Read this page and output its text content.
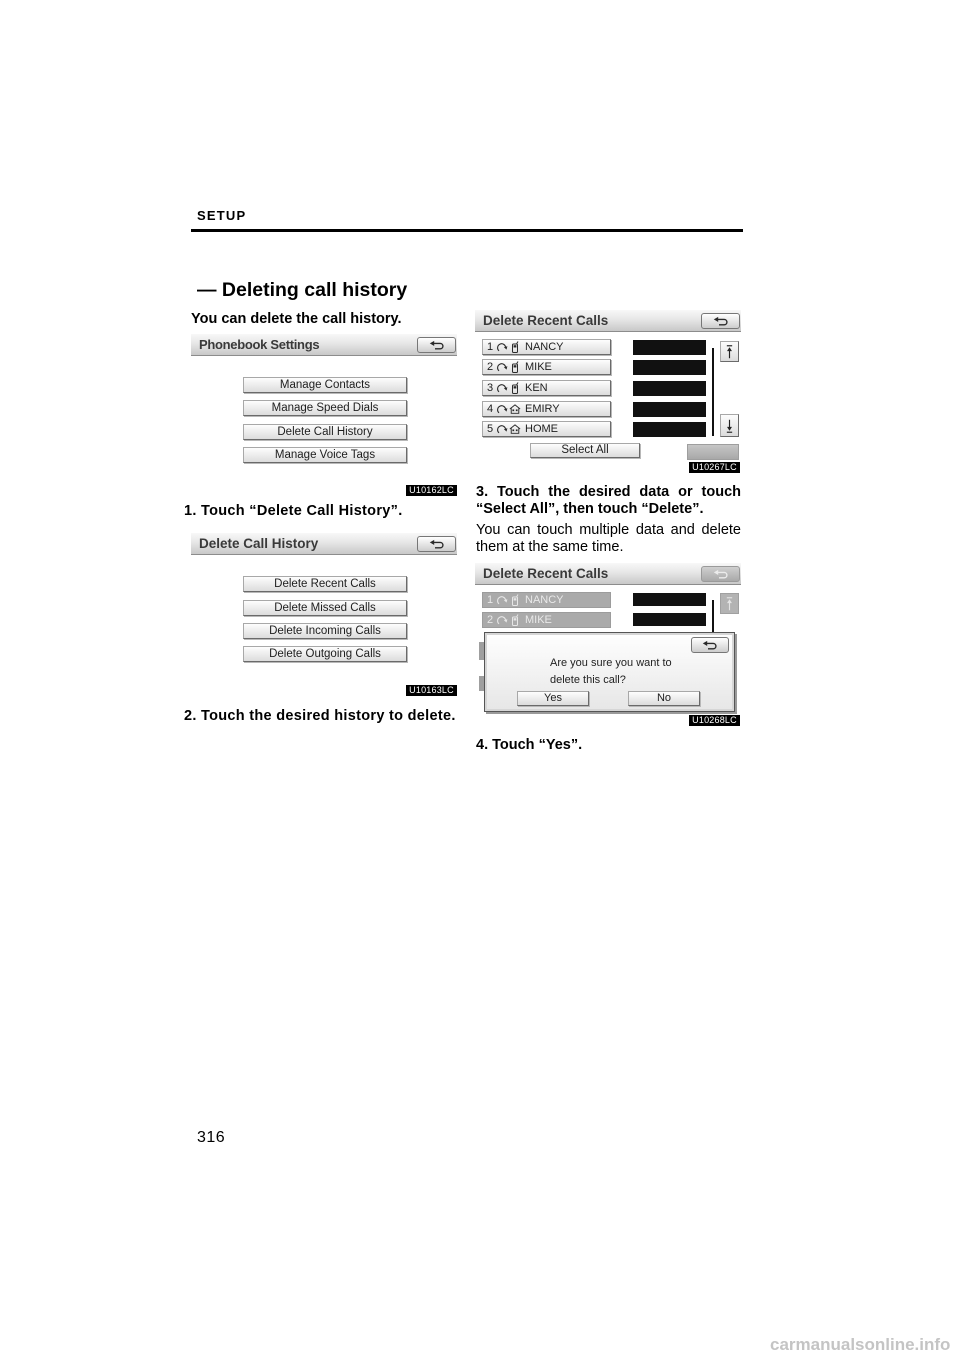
SETUP
— Deleting call history
You can delete the call history.
Phonebook Settings
Manage Contacts
Manage Speed Dials
Delete Call History
Manage Voice Tags
U10162LC
1. Touch “Delete Call History”.
Delete Call History
Delete Recent Calls
Delete Missed Calls
Delete Incoming Calls
Delete Outgoing Calls
U10163LC
2. Touch the desired history to delete.
Delete Recent Calls
1	NANCY
2	MIKE
3	KEN
4	EMIRY
5	HOME
Select All
U10267LC
3. Touch the desired data or touch “Select All”, then touch “Delete”.
You can touch multiple data and delete them at the same time.
Delete Recent Calls
1	NANCY
2	MIKE
Are you sure you want to
delete this call?
Yes	No
U10268LC
4. Touch “Yes”.
316
carmanualsonline.info
